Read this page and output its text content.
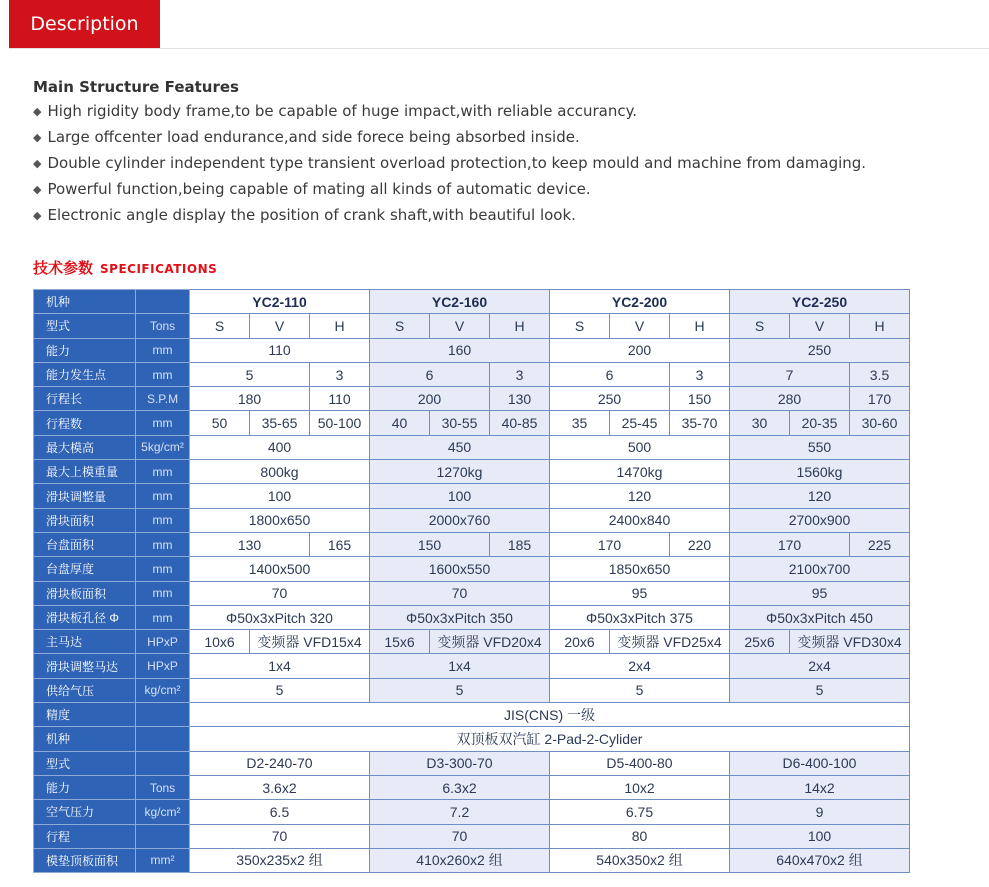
Description
Main Structure Features
◆ High rigidity body frame,to be capable of huge impact,with reliable accurancy.
◆ Large offcenter load endurance,and side forece being absorbed inside.
◆ Double cylinder independent type transient overload protection,to keep mould and machine from damaging.
◆ Powerful function,being capable of mating all kinds of automatic device.
◆ Electronic angle display the position of crank shaft,with beautiful look.
技术参数 SPECIFICATIONS
机种		YC2-110			YC2-160			YC2-200			YC2-250		
型式	Tons	S	V	H	S	V	H	S	V	H	S	V	H
能力	mm	110			160			200			250		
能力发生点	mm	5		3	6		3	6		3	7		3.5
行程长	S.P.M	180		110	200		130	250		150	280		170
行程数	mm	50	35-65	50-100	40	30-55	40-85	35	25-45	35-70	30	20-35	30-60
最大模高	5kg/cm²	400			450			500			550		
最大上模重量	mm	800kg			1270kg			1470kg			1560kg		
滑块调整量	mm	100			100			120			120		
滑块面积	mm	1800x650			2000x760			2400x840			2700x900		
台盘面积	mm	130		165	150		185	170		220	170		225
台盘厚度	mm	1400x500			1600x550			1850x650			2100x700		
滑块板面积	mm	70			70			95			95		
滑块板孔径 Φ	mm	Φ50x3xPitch 320			Φ50x3xPitch 350			Φ50x3xPitch 375			Φ50x3xPitch 450		
主马达	HPxP	10x6	变频器 VFD15x4		15x6	变频器 VFD20x4		20x6	变频器 VFD25x4		25x6	变频器 VFD30x4	
滑块调整马达	HPxP	1x4			1x4			2x4			2x4		
供给气压	kg/cm²	5			5			5			5		
精度		JIS(CNS) 一级											
机种		双顶板双汽缸 2-Pad-2-Cylider											
型式		D2-240-70			D3-300-70			D5-400-80			D6-400-100		
能力	Tons	3.6x2			6.3x2			10x2			14x2		
空气压力	kg/cm²	6.5			7.2			6.75			9		
行程		70			70			80			100		
模垫顶板面积	mm²	350x235x2 组			410x260x2 组			540x350x2 组			640x470x2 组		
